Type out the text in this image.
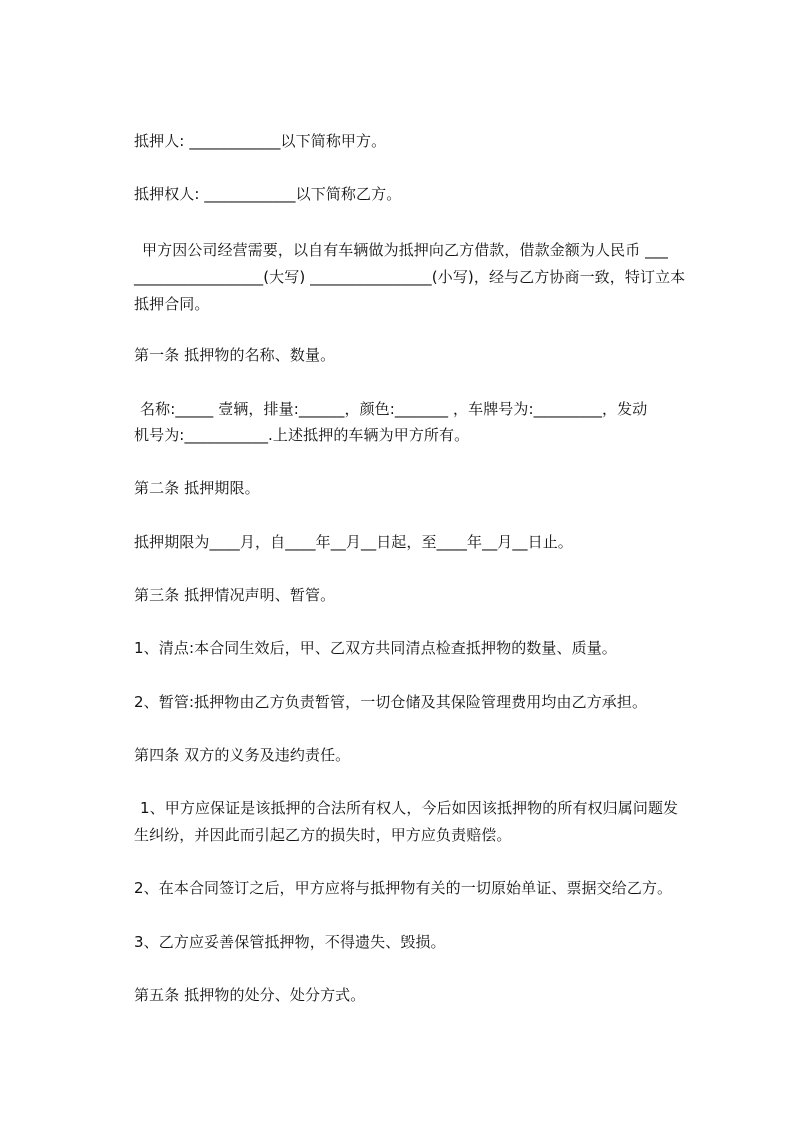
抵押人: ____________以下简称甲方。
抵押权人: ____________以下简称乙方。
甲方因公司经营需要，以自有车辆做为抵押向乙方借款，借款金额为人民币 ___
_________________(大写) ________________(小写)，经与乙方协商一致，特订立本
抵押合同。
第一条 抵押物的名称、数量。
名称:_____ 壹辆，排量:______，颜色:_______ ，车牌号为:_________，发动
机号为:___________.上述抵押的车辆为甲方所有。
第二条 抵押期限。
抵押期限为____月，自____年__月__日起，至____年__月__日止。
第三条 抵押情况声明、暂管。
1、清点:本合同生效后，甲、乙双方共同清点检查抵押物的数量、质量。
2、暂管:抵押物由乙方负责暂管，一切仓储及其保险管理费用均由乙方承担。
第四条 双方的义务及违约责任。
1、甲方应保证是该抵押的合法所有权人，今后如因该抵押物的所有权归属问题发
生纠纷，并因此而引起乙方的损失时，甲方应负责赔偿。
2、在本合同签订之后，甲方应将与抵押物有关的一切原始单证、票据交给乙方。
3、乙方应妥善保管抵押物，不得遗失、毁损。
第五条 抵押物的处分、处分方式。
